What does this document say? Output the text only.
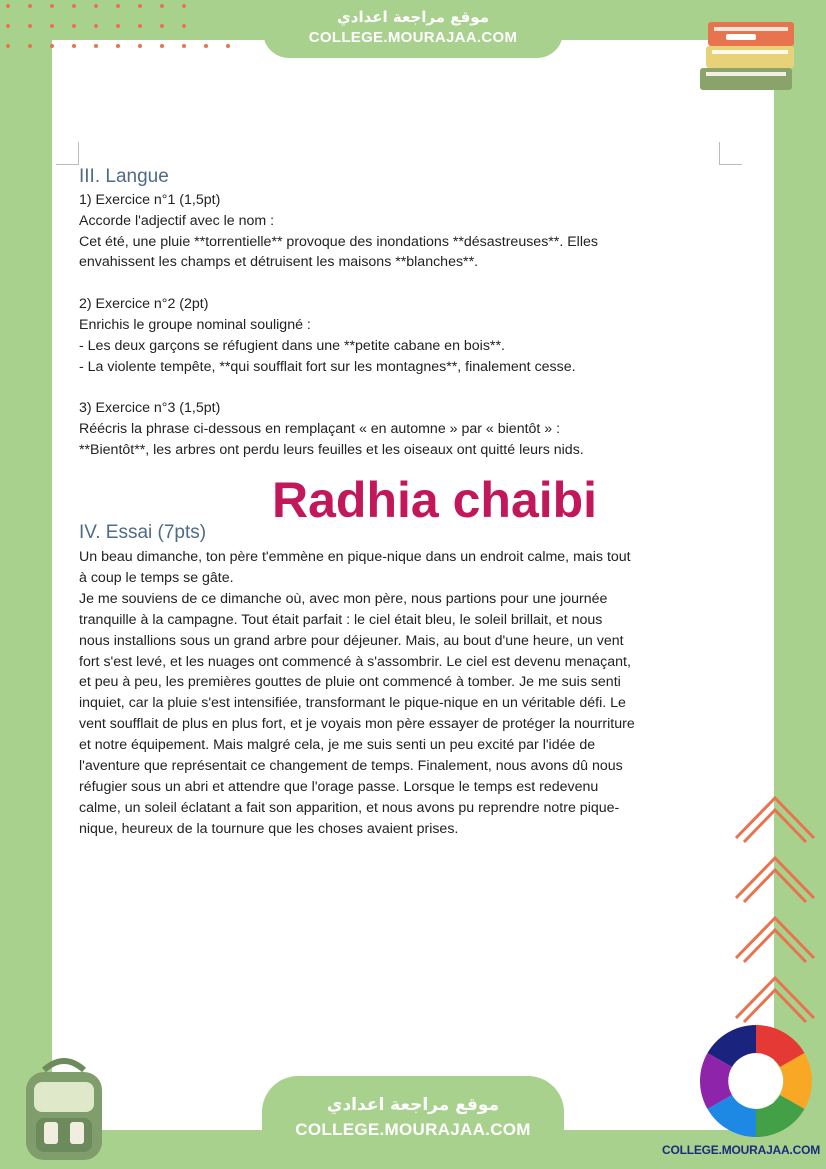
موقع مراجعة اعدادي
COLLEGE.MOURAJAA.COM
III. Langue
1) Exercice n°1 (1,5pt)
Accorde l'adjectif avec le nom :
Cet été, une pluie **torrentielle** provoque des inondations **désastreuses**. Elles
envahissent les champs et détruisent les maisons **blanches**.
2) Exercice n°2 (2pt)
Enrichis le groupe nominal souligné :
- Les deux garçons se réfugient dans une **petite cabane en bois**.
- La violente tempête, **qui soufflait fort sur les montagnes**, finalement cesse.
3) Exercice n°3 (1,5pt)
Réécris la phrase ci-dessous en remplaçant « en automne » par « bientôt » :
**Bientôt**, les arbres ont perdu leurs feuilles et les oiseaux ont quitté leurs nids.
Radhia chaibi
IV. Essai (7pts)
Un beau dimanche, ton père t'emmène en pique-nique dans un endroit calme, mais tout
à coup le temps se gâte.
Je me souviens de ce dimanche où, avec mon père, nous partions pour une journée
tranquille à la campagne. Tout était parfait : le ciel était bleu, le soleil brillait, et nous
nous installions sous un grand arbre pour déjeuner. Mais, au bout d'une heure, un vent
fort s'est levé, et les nuages ont commencé à s'assombrir. Le ciel est devenu menaçant,
et peu à peu, les premières gouttes de pluie ont commencé à tomber. Je me suis senti
inquiet, car la pluie s'est intensifiée, transformant le pique-nique en un véritable défi. Le
vent soufflait de plus en plus fort, et je voyais mon père essayer de protéger la nourriture
et notre équipement. Mais malgré cela, je me suis senti un peu excité par l'idée de
l'aventure que représentait ce changement de temps. Finalement, nous avons dû nous
réfugier sous un abri et attendre que l'orage passe. Lorsque le temps est redevenu
calme, un soleil éclatant a fait son apparition, et nous avons pu reprendre notre pique-
nique, heureux de la tournure que les choses avaient prises.
موقع مراجعة اعدادي
COLLEGE.MOURAJAA.COM
COLLEGE.MOURAJAA.COM
